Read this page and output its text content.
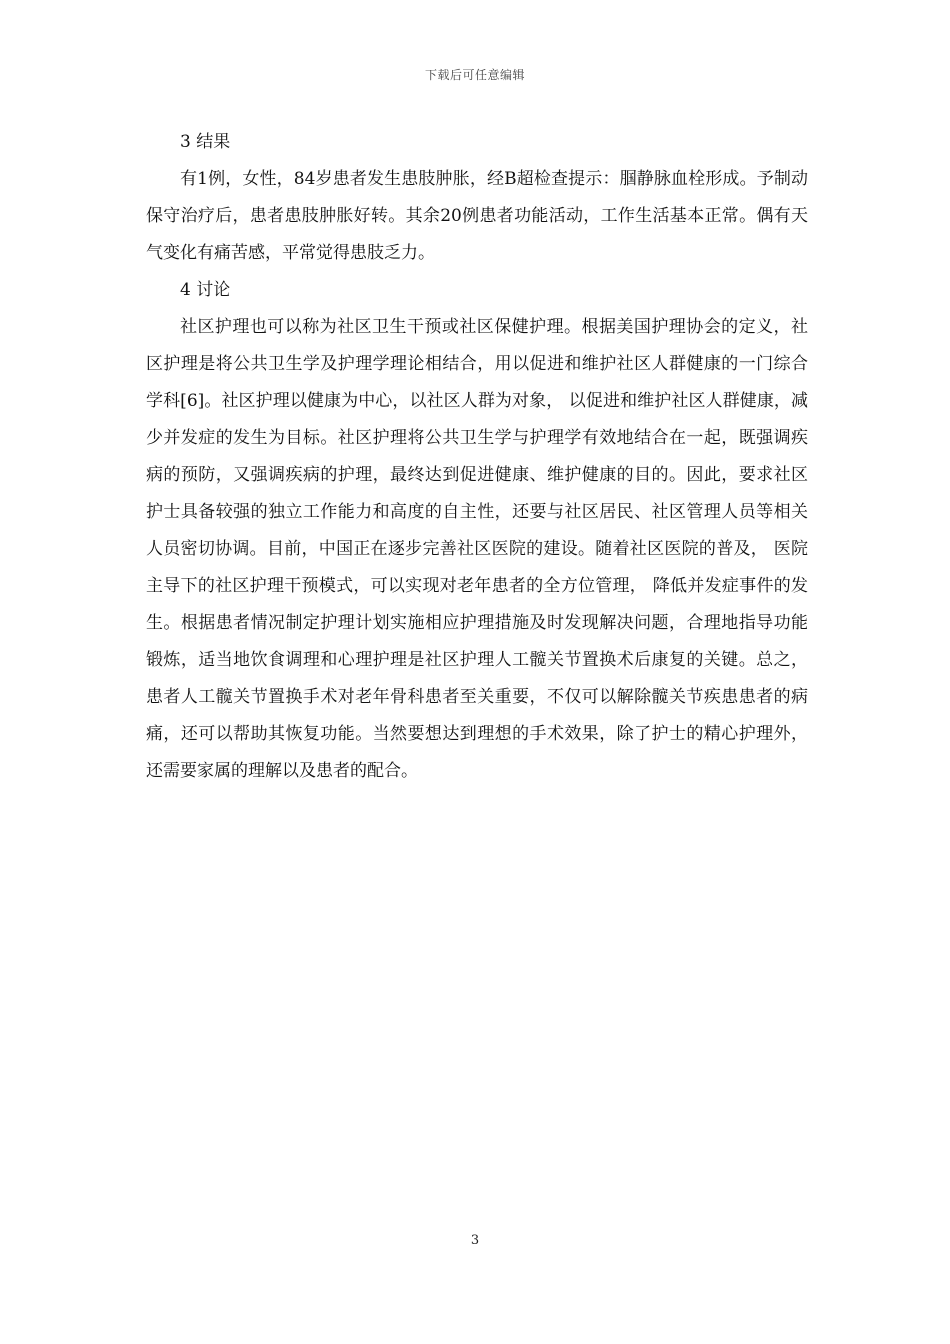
下载后可任意编辑

3 结果

有1例，女性，84岁患者发生患肢肿胀，经B超检查提示：腘静脉血栓形成。予制动保守治疗后，患者患肢肿胀好转。其余20例患者功能活动，工作生活基本正常。偶有天气变化有痛苦感，平常觉得患肢乏力。

4 讨论

社区护理也可以称为社区卫生干预或社区保健护理。根据美国护理协会的定义，社区护理是将公共卫生学及护理学理论相结合，用以促进和维护社区人群健康的一门综合学科[6]。社区护理以健康为中心，以社区人群为对象， 以促进和维护社区人群健康，减少并发症的发生为目标。社区护理将公共卫生学与护理学有效地结合在一起，既强调疾病的预防，又强调疾病的护理，最终达到促进健康、维护健康的目的。因此，要求社区护士具备较强的独立工作能力和高度的自主性，还要与社区居民、社区管理人员等相关人员密切协调。目前，中国正在逐步完善社区医院的建设。随着社区医院的普及， 医院主导下的社区护理干预模式，可以实现对老年患者的全方位管理， 降低并发症事件的发生。根据患者情况制定护理计划实施相应护理措施及时发现解决问题，合理地指导功能锻炼，适当地饮食调理和心理护理是社区护理人工髋关节置换术后康复的关键。总之，患者人工髋关节置换手术对老年骨科患者至关重要，不仅可以解除髋关节疾患患者的病痛，还可以帮助其恢复功能。当然要想达到理想的手术效果，除了护士的精心护理外，还需要家属的理解以及患者的配合。

3
